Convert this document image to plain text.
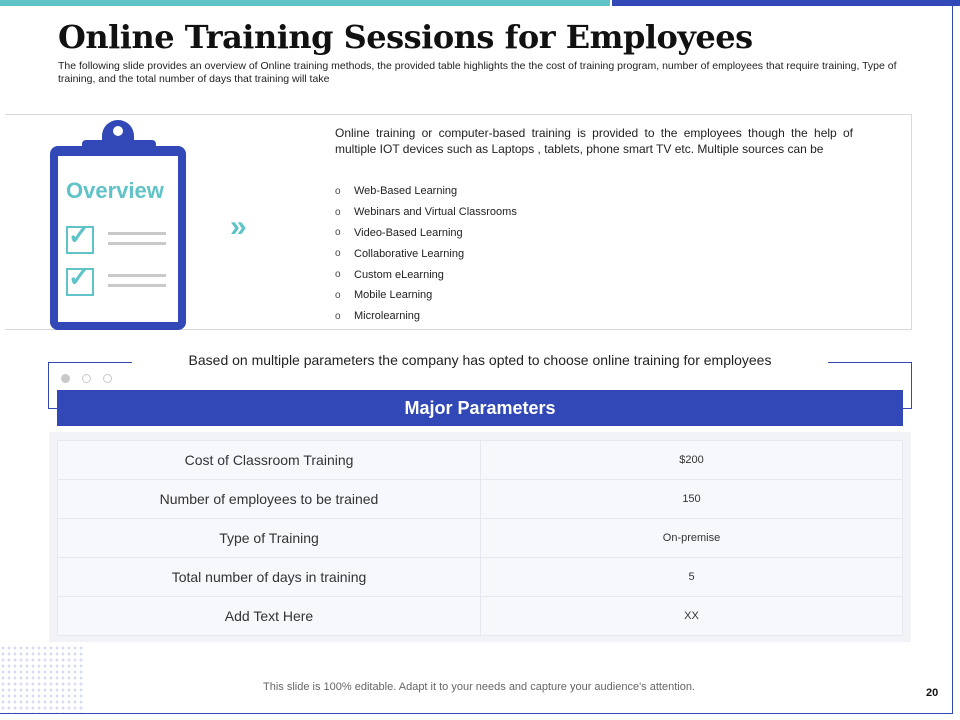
Online Training Sessions for Employees

The following slide provides an overview of Online training methods, the provided table highlights the the cost of training program, number of employees that require training, Type of training, and the total number of days that training will take

Overview
✓
✓
»

Online training or computer-based training is provided to the employees though the help of multiple IOT devices such as Laptops , tablets, phone smart TV etc. Multiple sources can be

o	Web-Based Learning
o	Webinars and Virtual Classrooms
o	Video-Based Learning
o	Collaborative Learning
o	Custom eLearning
o	Mobile Learning
o	Microlearning
Based on multiple parameters the company has opted to choose online training for employees
Major Parameters
Cost of Classroom Training	$200
Number of employees to be trained	150
Type of Training	On-premise
Total number of days in training	5
Add Text Here	XX
This slide is 100% editable. Adapt it to your needs and capture your audience's attention.	20
